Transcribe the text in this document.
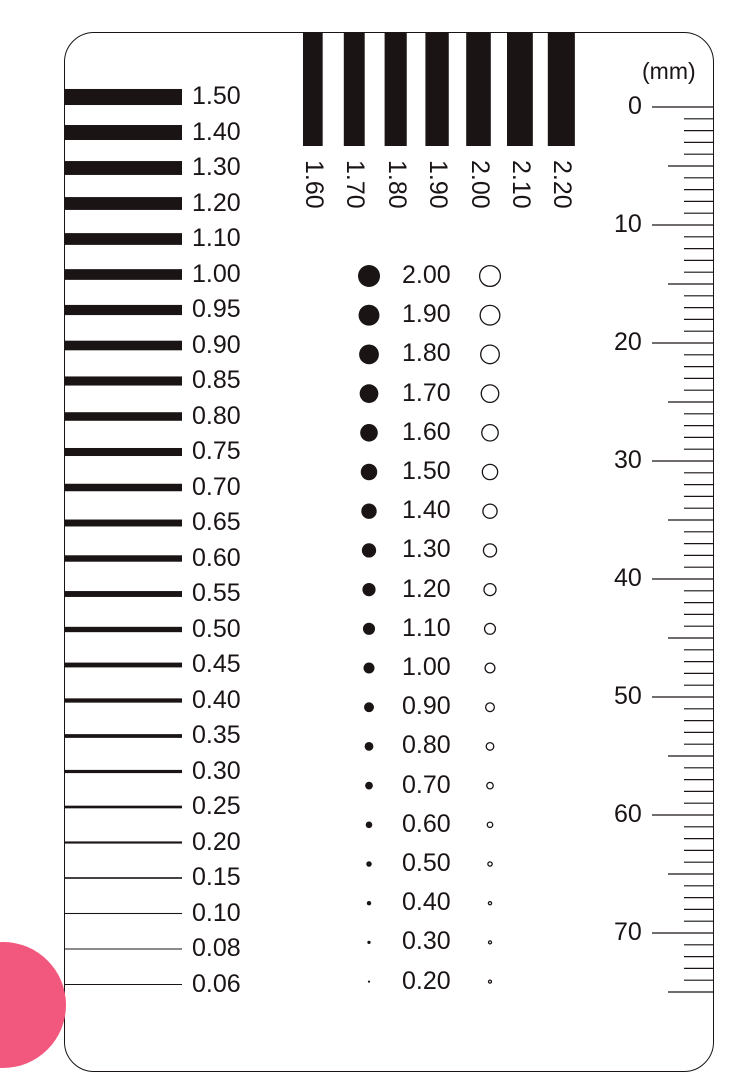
1.50
1.40
1.30
1.20
1.10
1.00
0.95
0.90
0.85
0.80
0.75
0.70
0.65
0.60
0.55
0.50
0.45
0.40
0.35
0.30
0.25
0.20
0.15
0.10
0.08
0.06
1.60 1.70 1.80 1.90 2.00 2.10 2.20
2.00
1.90
1.80
1.70
1.60
1.50
1.40
1.30
1.20
1.10
1.00
0.90
0.80
0.70
0.60
0.50
0.40
0.30
0.20
0
10
20
30
40
50
60
70
(mm)
